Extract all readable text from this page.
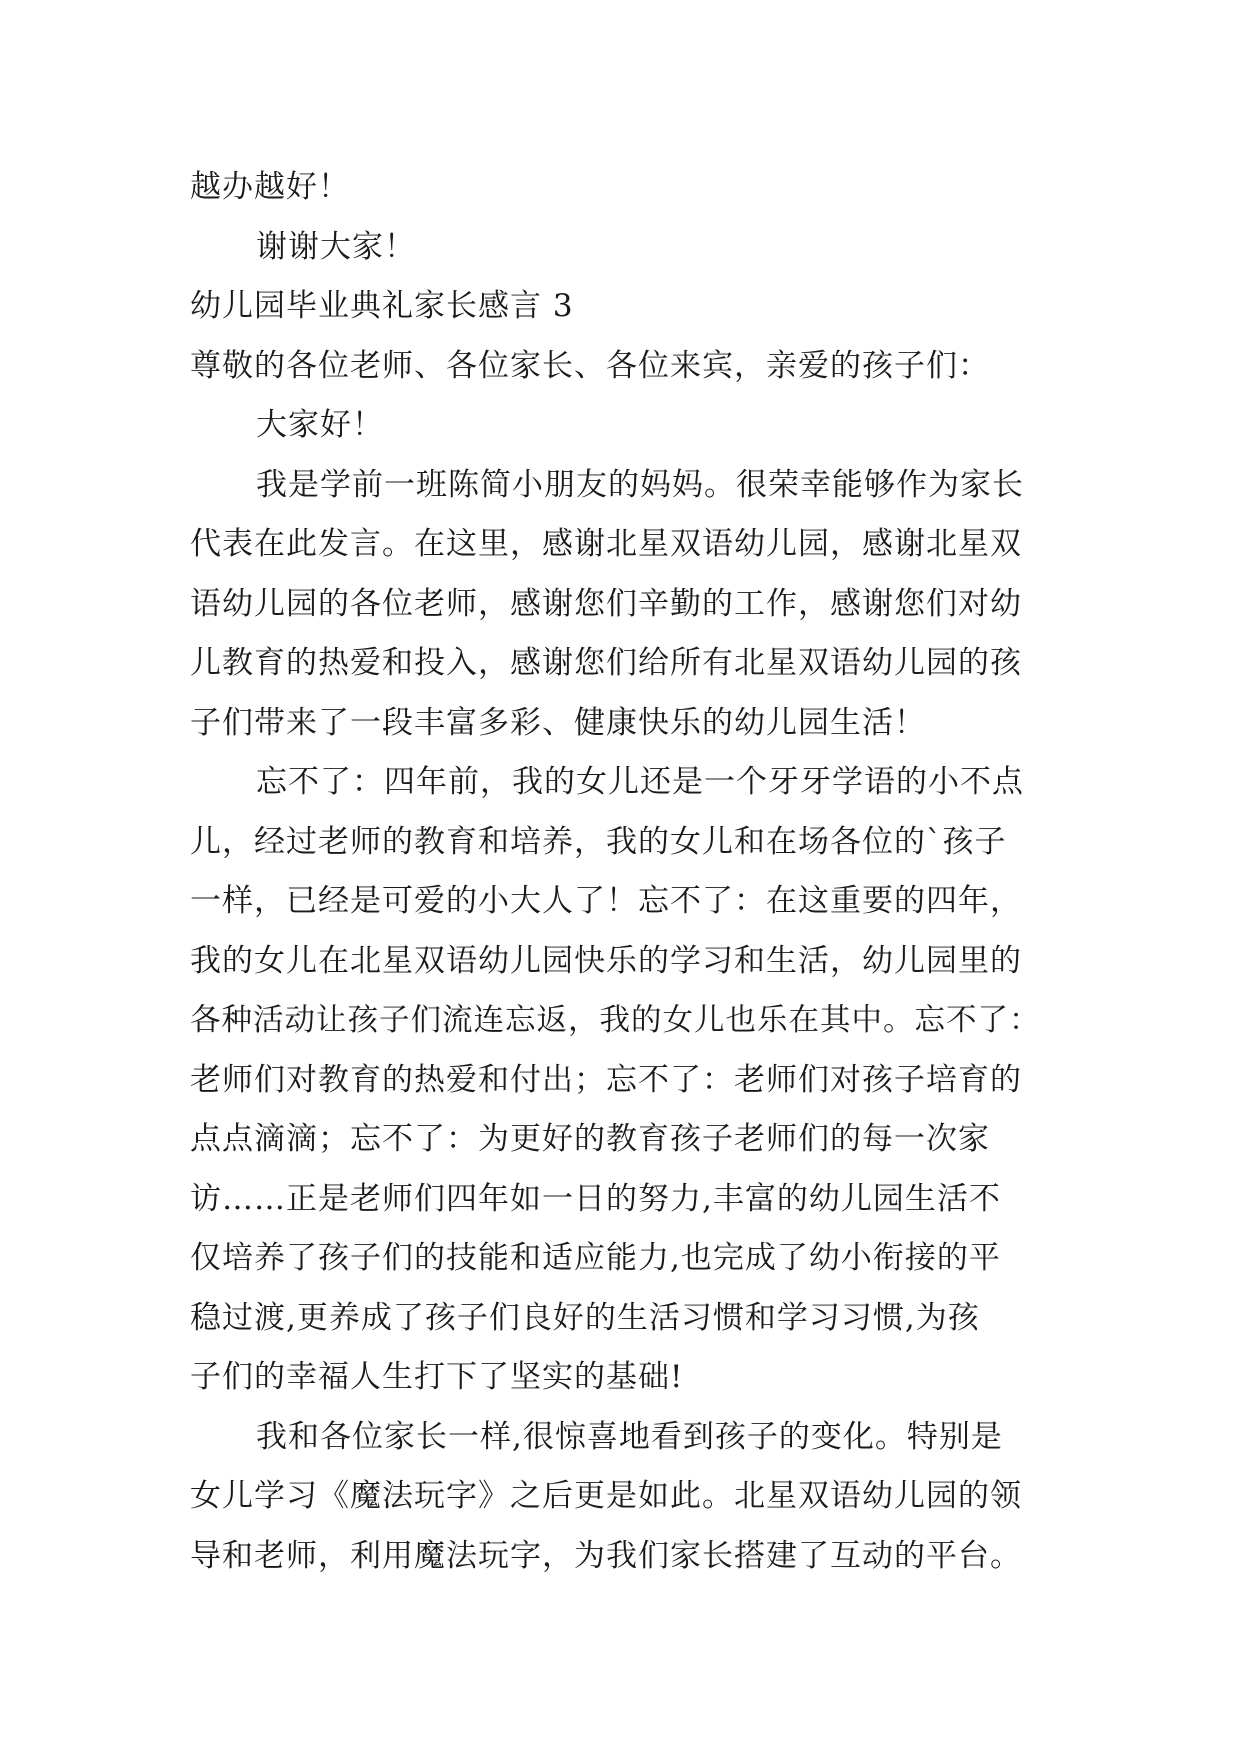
越办越好！
谢谢大家！
幼儿园毕业典礼家长感言 3
尊敬的各位老师、各位家长、各位来宾，亲爱的孩子们：
大家好！
我是学前一班陈简小朋友的妈妈。很荣幸能够作为家长
代表在此发言。在这里，感谢北星双语幼儿园，感谢北星双
语幼儿园的各位老师，感谢您们辛勤的工作，感谢您们对幼
儿教育的热爱和投入，感谢您们给所有北星双语幼儿园的孩
子们带来了一段丰富多彩、健康快乐的幼儿园生活！
忘不了：四年前，我的女儿还是一个牙牙学语的小不点
儿，经过老师的教育和培养，我的女儿和在场各位的`孩子
一样，已经是可爱的小大人了！忘不了：在这重要的四年，
我的女儿在北星双语幼儿园快乐的学习和生活，幼儿园里的
各种活动让孩子们流连忘返，我的女儿也乐在其中。忘不了：
老师们对教育的热爱和付出；忘不了：老师们对孩子培育的
点点滴滴；忘不了：为更好的教育孩子老师们的每一次家
访……正是老师们四年如一日的努力,丰富的幼儿园生活不
仅培养了孩子们的技能和适应能力,也完成了幼小衔接的平
稳过渡,更养成了孩子们良好的生活习惯和学习习惯,为孩
子们的幸福人生打下了坚实的基础!
我和各位家长一样,很惊喜地看到孩子的变化。特别是
女儿学习《魔法玩字》之后更是如此。北星双语幼儿园的领
导和老师，利用魔法玩字，为我们家长搭建了互动的平台。
